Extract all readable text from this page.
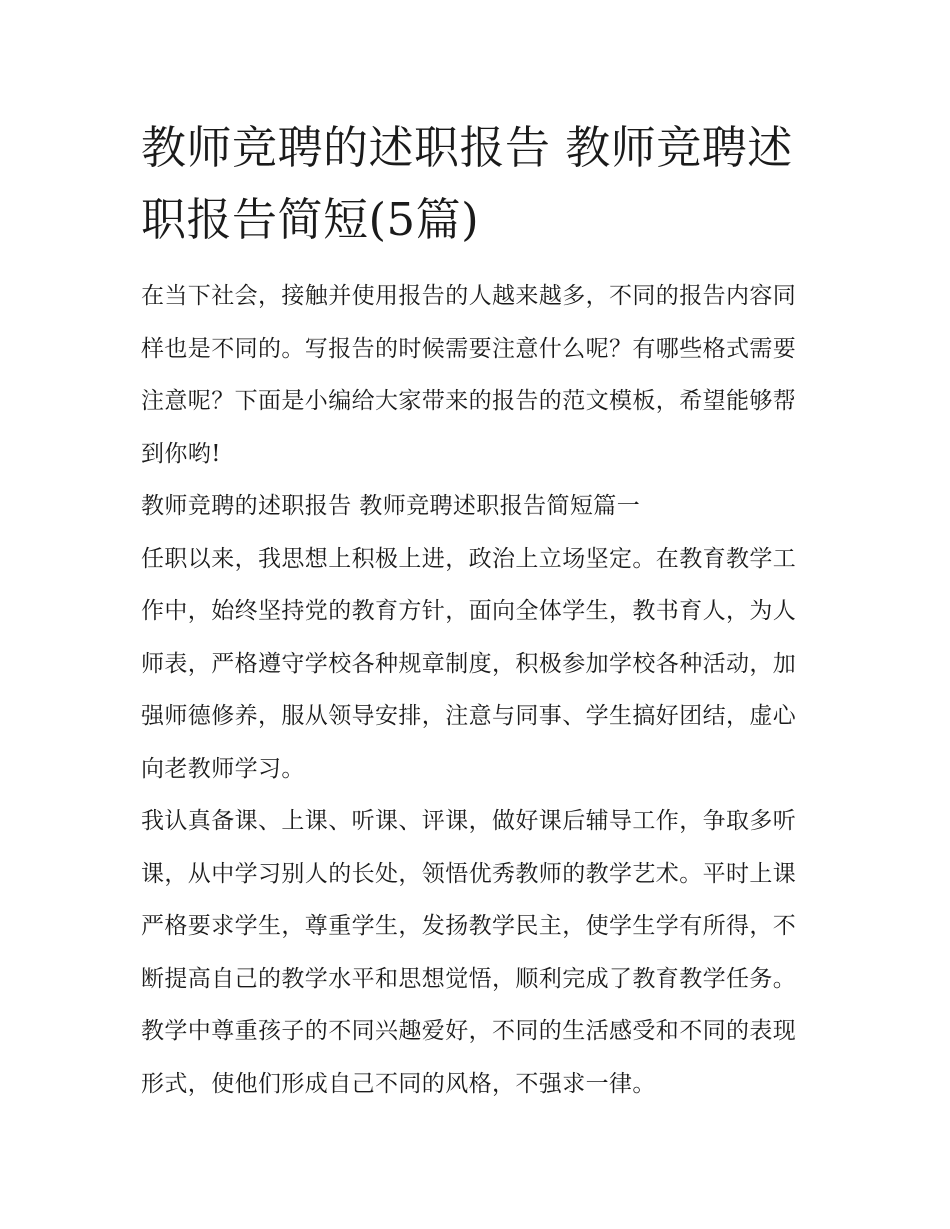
教师竞聘的述职报告 教师竞聘述职报告简短(5篇)

在当下社会，接触并使用报告的人越来越多，不同的报告内容同样也是不同的。写报告的时候需要注意什么呢？有哪些格式需要注意呢？下面是小编给大家带来的报告的范文模板，希望能够帮到你哟!

教师竞聘的述职报告 教师竞聘述职报告简短篇一

任职以来，我思想上积极上进，政治上立场坚定。在教育教学工作中，始终坚持党的教育方针，面向全体学生，教书育人，为人师表，严格遵守学校各种规章制度，积极参加学校各种活动，加强师德修养，服从领导安排，注意与同事、学生搞好团结，虚心向老教师学习。

我认真备课、上课、听课、评课，做好课后辅导工作，争取多听课，从中学习别人的长处，领悟优秀教师的教学艺术。平时上课严格要求学生，尊重学生，发扬教学民主，使学生学有所得，不断提高自己的教学水平和思想觉悟，顺利完成了教育教学任务。教学中尊重孩子的不同兴趣爱好，不同的生活感受和不同的表现形式，使他们形成自己不同的风格，不强求一律。
